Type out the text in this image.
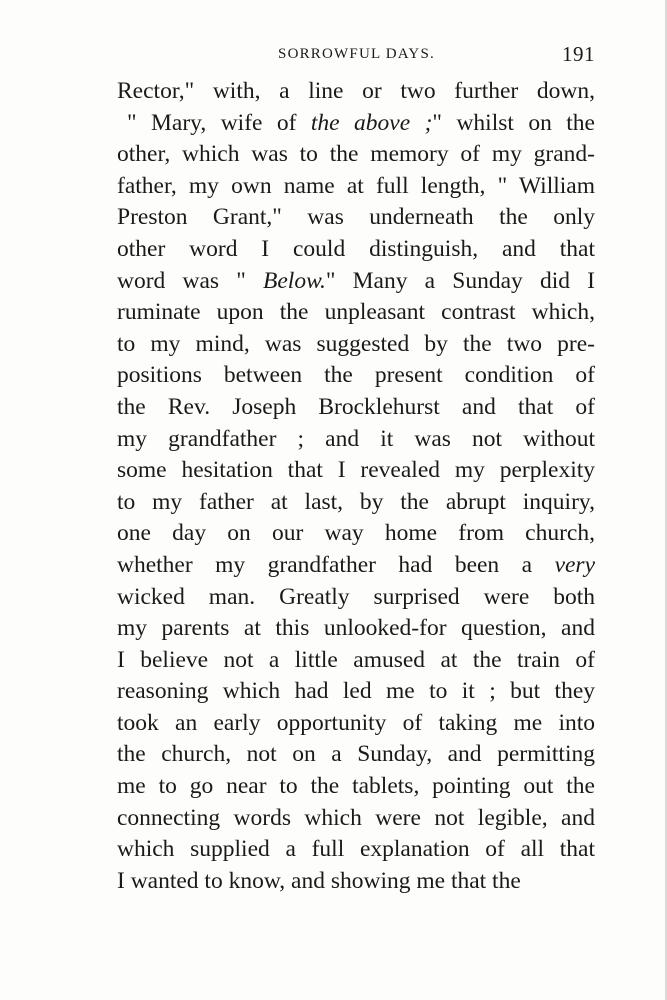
SORROWFUL DAYS.	191
Rector," with, a line or two further down,
" Mary, wife of the above ;" whilst on the
other, which was to the memory of my grand-
father, my own name at full length, " William
Preston Grant," was underneath the only
other word I could distinguish, and that
word was " Below." Many a Sunday did I
ruminate upon the unpleasant contrast which,
to my mind, was suggested by the two pre-
positions between the present condition of
the Rev. Joseph Brocklehurst and that of
my grandfather ; and it was not without
some hesitation that I revealed my perplexity
to my father at last, by the abrupt inquiry,
one day on our way home from church,
whether my grandfather had been a very
wicked man. Greatly surprised were both
my parents at this unlooked-for question, and
I believe not a little amused at the train of
reasoning which had led me to it ; but they
took an early opportunity of taking me into
the church, not on a Sunday, and permitting
me to go near to the tablets, pointing out the
connecting words which were not legible, and
which supplied a full explanation of all that
I wanted to know, and showing me that the
